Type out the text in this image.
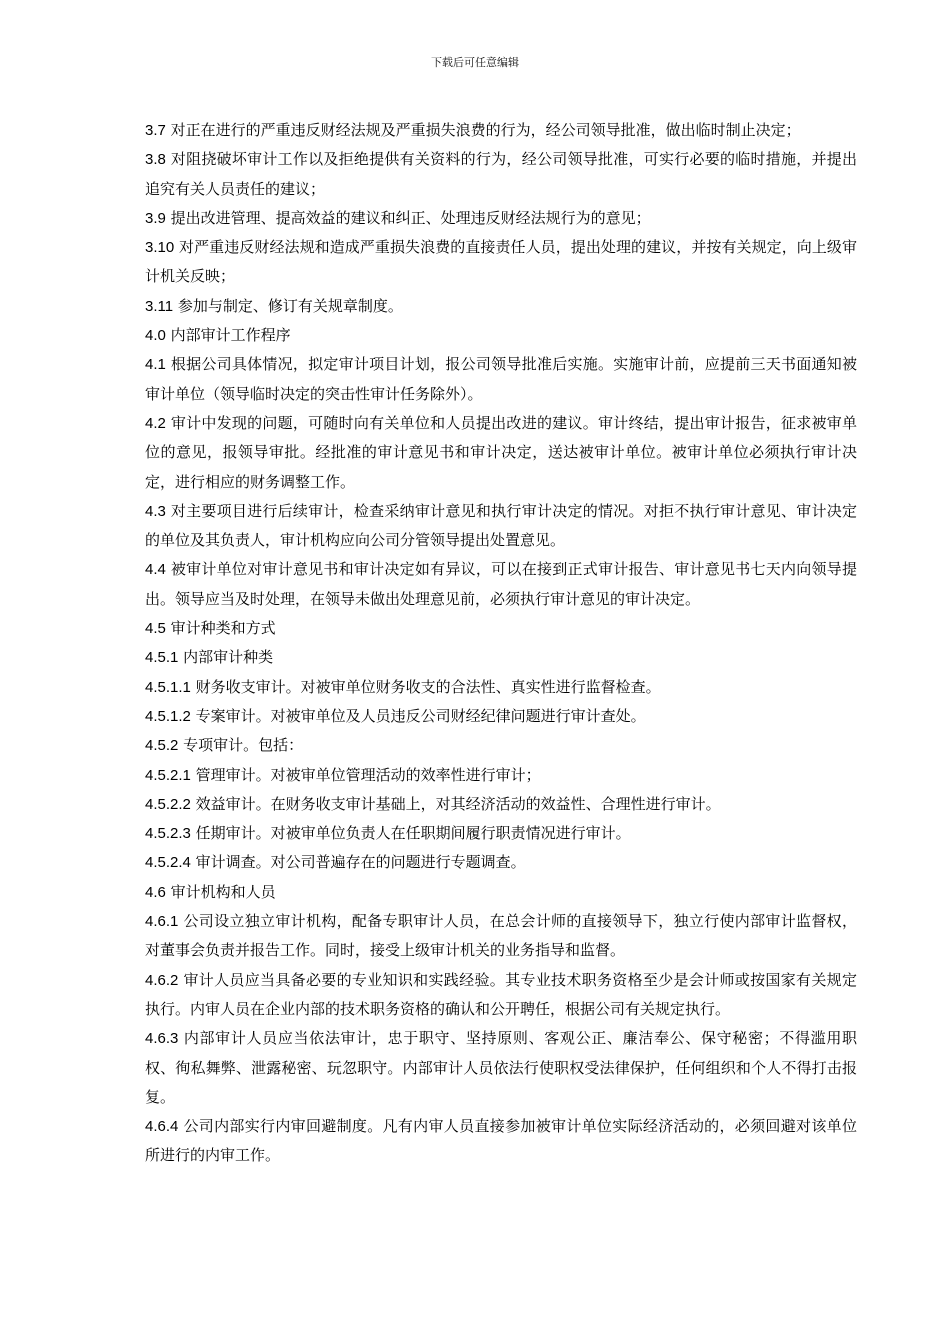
下载后可任意编辑

3.7 对正在进行的严重违反财经法规及严重损失浪费的行为，经公司领导批准，做出临时制止决定；

3.8 对阻挠破坏审计工作以及拒绝提供有关资料的行为，经公司领导批准，可实行必要的临时措施，并提出追究有关人员责任的建议；

3.9 提出改进管理、提高效益的建议和纠正、处理违反财经法规行为的意见；

3.10 对严重违反财经法规和造成严重损失浪费的直接责任人员，提出处理的建议，并按有关规定，向上级审计机关反映；

3.11 参加与制定、修订有关规章制度。

4.0 内部审计工作程序

4.1 根据公司具体情况，拟定审计项目计划，报公司领导批准后实施。实施审计前，应提前三天书面通知被审计单位（领导临时决定的突击性审计任务除外）。

4.2 审计中发现的问题，可随时向有关单位和人员提出改进的建议。审计终结，提出审计报告，征求被审单位的意见，报领导审批。经批准的审计意见书和审计决定，送达被审计单位。被审计单位必须执行审计决定，进行相应的财务调整工作。

4.3 对主要项目进行后续审计，检查采纳审计意见和执行审计决定的情况。对拒不执行审计意见、审计决定的单位及其负责人，审计机构应向公司分管领导提出处置意见。

4.4 被审计单位对审计意见书和审计决定如有异议，可以在接到正式审计报告、审计意见书七天内向领导提出。领导应当及时处理，在领导未做出处理意见前，必须执行审计意见的审计决定。

4.5 审计种类和方式

4.5.1 内部审计种类

4.5.1.1 财务收支审计。对被审单位财务收支的合法性、真实性进行监督检查。

4.5.1.2 专案审计。对被审单位及人员违反公司财经纪律问题进行审计查处。

4.5.2 专项审计。包括：

4.5.2.1 管理审计。对被审单位管理活动的效率性进行审计；

4.5.2.2 效益审计。在财务收支审计基础上，对其经济活动的效益性、合理性进行审计。

4.5.2.3 任期审计。对被审单位负责人在任职期间履行职责情况进行审计。

4.5.2.4 审计调查。对公司普遍存在的问题进行专题调查。

4.6 审计机构和人员

4.6.1 公司设立独立审计机构，配备专职审计人员，在总会计师的直接领导下，独立行使内部审计监督权，对董事会负责并报告工作。同时，接受上级审计机关的业务指导和监督。

4.6.2 审计人员应当具备必要的专业知识和实践经验。其专业技术职务资格至少是会计师或按国家有关规定执行。内审人员在企业内部的技术职务资格的确认和公开聘任，根据公司有关规定执行。

4.6.3 内部审计人员应当依法审计，忠于职守、坚持原则、客观公正、廉洁奉公、保守秘密；不得滥用职权、徇私舞弊、泄露秘密、玩忽职守。内部审计人员依法行使职权受法律保护，任何组织和个人不得打击报复。

4.6.4 公司内部实行内审回避制度。凡有内审人员直接参加被审计单位实际经济活动的，必须回避对该单位所进行的内审工作。
